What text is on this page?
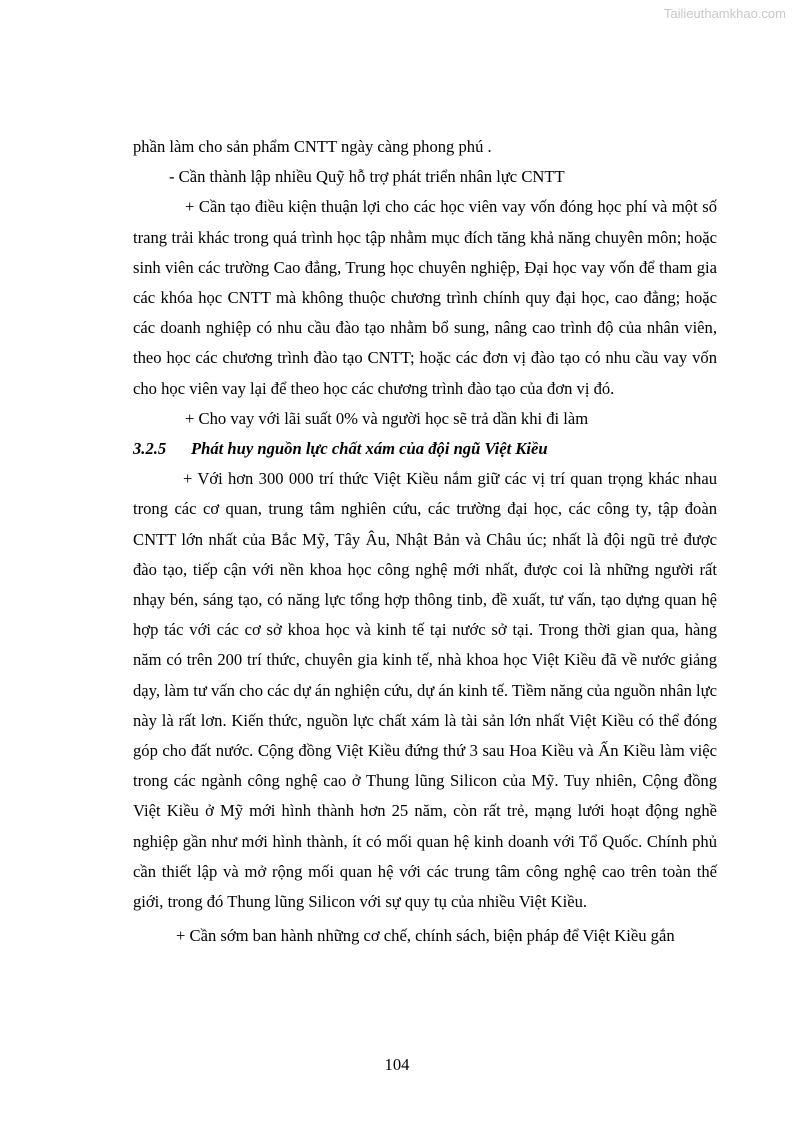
Tailieuthamkhao.com

phần làm cho sản phẩm CNTT ngày càng phong phú .

- Cần thành lập nhiều Quỹ hỗ trợ phát triển nhân lực CNTT

+ Cần tạo điều kiện thuận lợi cho các học viên vay vốn đóng học phí và một số trang trải khác trong quá trình học tập nhằm mục đích tăng khả năng chuyên môn; hoặc sinh viên các trường Cao đẳng, Trung học chuyên nghiệp, Đại học vay vốn để tham gia các khóa học CNTT mà không thuộc chương trình chính quy đại học, cao đẳng; hoặc các doanh nghiệp có nhu cầu đào tạo nhằm bổ sung, nâng cao trình độ của nhân viên, theo học các chương trình đào tạo CNTT; hoặc các đơn vị đào tạo có nhu cầu vay vốn cho học viên vay lại để theo học các chương trình đào tạo của đơn vị đó.

+ Cho vay với lãi suất 0% và người học sẽ trả dần khi đi làm

3.2.5 Phát huy nguồn lực chất xám của đội ngũ Việt Kiều

+ Với hơn 300 000 trí thức Việt Kiều nắm giữ các vị trí quan trọng khác nhau trong các cơ quan, trung tâm nghiên cứu, các trường đại học, các công ty, tập đoàn CNTT lớn nhất của Bắc Mỹ, Tây Âu, Nhật Bản và Châu úc; nhất là đội ngũ trẻ được đào tạo, tiếp cận với nền khoa học công nghệ mới nhất, được coi là những người rất nhạy bén, sáng tạo, có năng lực tổng hợp thông tinb, đề xuất, tư vấn, tạo dựng quan hệ hợp tác với các cơ sở khoa học và kinh tế tại nước sở tại. Trong thời gian qua, hàng năm có trên 200 trí thức, chuyên gia kinh tế, nhà khoa học Việt Kiều đã về nước giảng dạy, làm tư vấn cho các dự án nghiện cứu, dự án kinh tế. Tiềm năng của nguồn nhân lực này là rất lơn. Kiến thức, nguồn lực chất xám là tài sản lớn nhất Việt Kiều có thể đóng góp cho đất nước. Cộng đồng Việt Kiều đứng thứ 3 sau Hoa Kiều và Ấn Kiều làm việc trong các ngành công nghệ cao ở Thung lũng Silicon của Mỹ. Tuy nhiên, Cộng đồng Việt Kiều ở Mỹ mới hình thành hơn 25 năm, còn rất trẻ, mạng lưới hoạt động nghề nghiệp gần như mới hình thành, ít có mối quan hệ kinh doanh với Tổ Quốc. Chính phủ cần thiết lập và mở rộng mối quan hệ với các trung tâm công nghệ cao trên toàn thế giới, trong đó Thung lũng Silicon với sự quy tụ của nhiều Việt Kiều.

+ Cần sớm ban hành những cơ chế, chính sách, biện pháp để Việt Kiều gắn

104
